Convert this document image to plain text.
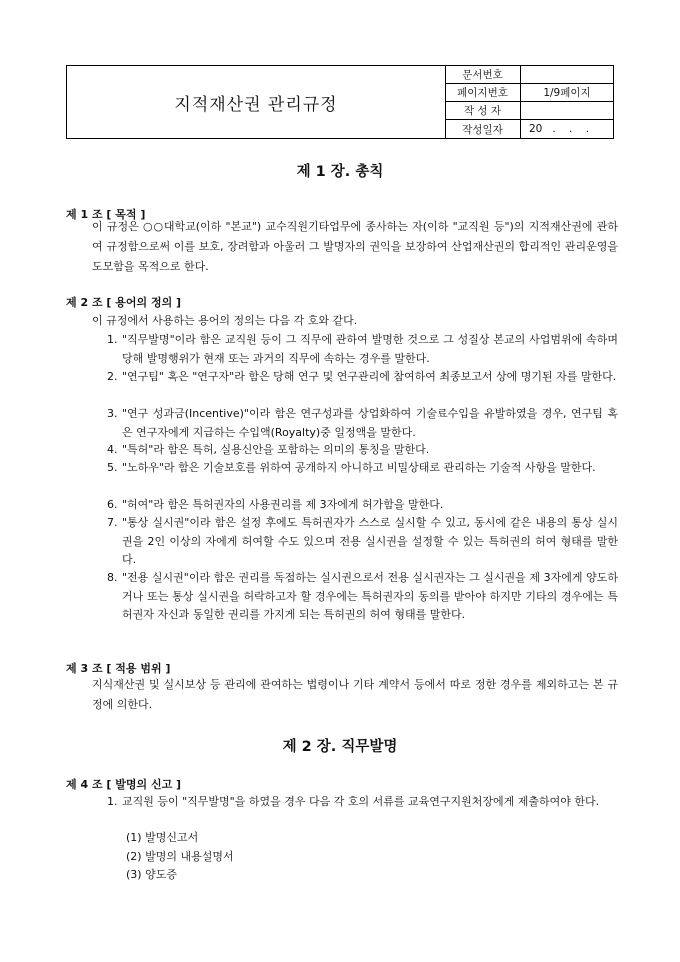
지적재산권 관리규정
문서번호
페이지번호	1/9페이지
작 성 자
작성일자	20   .    .    .
제 1 장. 총칙
제 1 조 [ 목적 ]
이 규정은 ○○대학교(이하 "본교") 교수직원기타업무에 종사하는 자(이하 "교직원 등")의 지적재산권에 관하여 규정함으로써 이를 보호, 장려함과 아울러 그 발명자의 권익을 보장하여 산업재산권의 합리적인 관리운영을 도모함을 목적으로 한다.
제 2 조 [ 용어의 정의 ]
이 규정에서 사용하는 용어의 정의는 다음 각 호와 같다.
1. "직무발명"이라 함은 교직원 등이 그 직무에 관하여 발명한 것으로 그 성질상 본교의 사업범위에 속하며 당해 발명행위가 현재 또는 과거의 직무에 속하는 경우를 말한다.
2. "연구팀" 혹은 "연구자"라 함은 당해 연구 및 연구관리에 참여하여 최종보고서 상에 명기된 자를 말한다.
3. "연구 성과금(Incentive)"이라 함은 연구성과를 상업화하여 기술료수입을 유발하였을 경우, 연구팀 혹은 연구자에게 지급하는 수입액(Royalty)중 일정액을 말한다.
4. "특허"라 함은 특허, 실용신안을 포함하는 의미의 통칭을 말한다.
5. "노하우"라 함은 기술보호를 위하여 공개하지 아니하고 비밀상태로 관리하는 기술적 사항을 말한다.
6. "허여"라 함은 특허권자의 사용권리를 제 3자에게 허가함을 말한다.
7. "통상 실시권"이라 함은 설정 후에도 특허권자가 스스로 실시할 수 있고, 동시에 같은 내용의 통상 실시권을 2인 이상의 자에게 허여할 수도 있으며 전용 실시권을 설정할 수 있는 특허권의 허여 형태를 말한다.
8. "전용 실시권"이라 함은 권리를 독점하는 실시권으로서 전용 실시권자는 그 실시권을 제 3자에게 양도하거나 또는 통상 실시권을 허락하고자 할 경우에는 특허권자의 동의를 받아야 하지만 기타의 경우에는 특허권자 자신과 동일한 권리를 가지게 되는 특허권의 허여 형태를 말한다.
제 3 조 [ 적용 범위 ]
지식재산권 및 실시보상 등 관리에 관여하는 법령이나 기타 계약서 등에서 따로 정한 경우를 제외하고는 본 규정에 의한다.
제 2 장. 직무발명
제 4 조 [ 발명의 신고 ]
1. 교직원 등이 "직무발명"을 하였을 경우 다음 각 호의 서류를 교육연구지원처장에게 제출하여야 한다.
(1) 발명신고서
(2) 발명의 내용설명서
(3) 양도증
